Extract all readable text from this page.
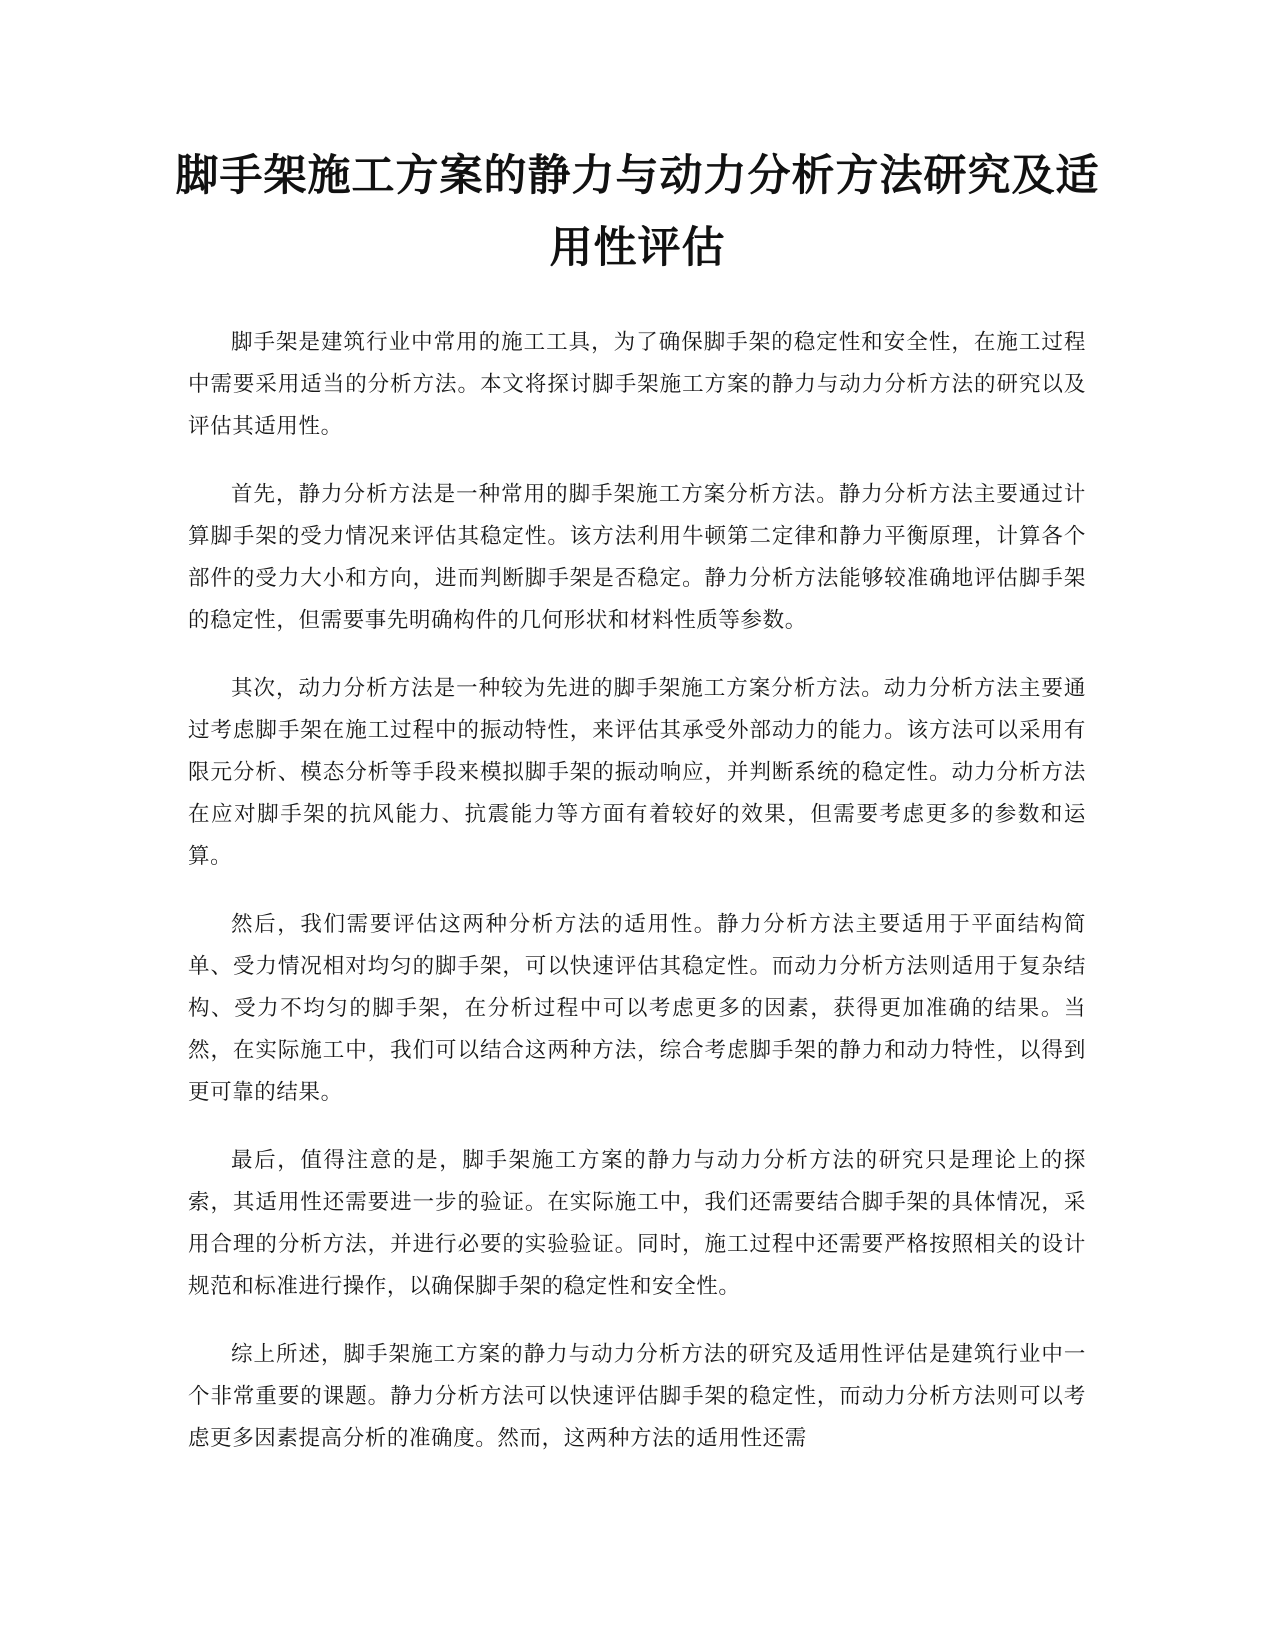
脚手架施工方案的静力与动力分析方法研究及适用性评估

脚手架是建筑行业中常用的施工工具，为了确保脚手架的稳定性和安全性，在施工过程中需要采用适当的分析方法。本文将探讨脚手架施工方案的静力与动力分析方法的研究以及评估其适用性。

首先，静力分析方法是一种常用的脚手架施工方案分析方法。静力分析方法主要通过计算脚手架的受力情况来评估其稳定性。该方法利用牛顿第二定律和静力平衡原理，计算各个部件的受力大小和方向，进而判断脚手架是否稳定。静力分析方法能够较准确地评估脚手架的稳定性，但需要事先明确构件的几何形状和材料性质等参数。

其次，动力分析方法是一种较为先进的脚手架施工方案分析方法。动力分析方法主要通过考虑脚手架在施工过程中的振动特性，来评估其承受外部动力的能力。该方法可以采用有限元分析、模态分析等手段来模拟脚手架的振动响应，并判断系统的稳定性。动力分析方法在应对脚手架的抗风能力、抗震能力等方面有着较好的效果，但需要考虑更多的参数和运算。

然后，我们需要评估这两种分析方法的适用性。静力分析方法主要适用于平面结构简单、受力情况相对均匀的脚手架，可以快速评估其稳定性。而动力分析方法则适用于复杂结构、受力不均匀的脚手架，在分析过程中可以考虑更多的因素，获得更加准确的结果。当然，在实际施工中，我们可以结合这两种方法，综合考虑脚手架的静力和动力特性，以得到更可靠的结果。

最后，值得注意的是，脚手架施工方案的静力与动力分析方法的研究只是理论上的探索，其适用性还需要进一步的验证。在实际施工中，我们还需要结合脚手架的具体情况，采用合理的分析方法，并进行必要的实验验证。同时，施工过程中还需要严格按照相关的设计规范和标准进行操作，以确保脚手架的稳定性和安全性。

综上所述，脚手架施工方案的静力与动力分析方法的研究及适用性评估是建筑行业中一个非常重要的课题。静力分析方法可以快速评估脚手架的稳定性，而动力分析方法则可以考虑更多因素提高分析的准确度。然而，这两种方法的适用性还需
